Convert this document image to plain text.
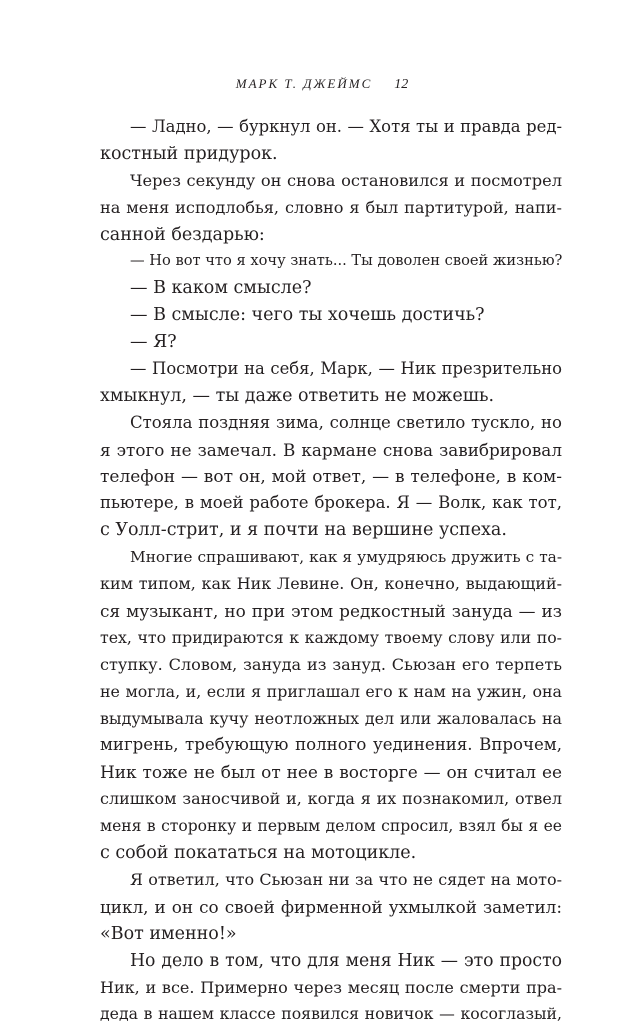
МАРК Т. ДЖЕЙМС 12
— Ладно, — буркнул он. — Хотя ты и правда ред-
костный придурок.
Через секунду он снова остановился и посмотрел
на меня исподлобья, словно я был партитурой, напи-
санной бездарью:
— Но вот что я хочу знать... Ты доволен своей жизнью?
— В каком смысле?
— В смысле: чего ты хочешь достичь?
— Я?
— Посмотри на себя, Марк, — Ник презрительно
хмыкнул, — ты даже ответить не можешь.
Стояла поздняя зима, солнце светило тускло, но
я этого не замечал. В кармане снова завибрировал
телефон — вот он, мой ответ, — в телефоне, в ком-
пьютере, в моей работе брокера. Я — Волк, как тот,
с Уолл-стрит, и я почти на вершине успеха.
Многие спрашивают, как я умудряюсь дружить с та-
ким типом, как Ник Левине. Он, конечно, выдающий-
ся музыкант, но при этом редкостный зануда — из
тех, что придираются к каждому твоему слову или по-
ступку. Словом, зануда из зануд. Сьюзан его терпеть
не могла, и, если я приглашал его к нам на ужин, она
выдумывала кучу неотложных дел или жаловалась на
мигрень, требующую полного уединения. Впрочем,
Ник тоже не был от нее в восторге — он считал ее
слишком заносчивой и, когда я их познакомил, отвел
меня в сторонку и первым делом спросил, взял бы я ее
с собой покататься на мотоцикле.
Я ответил, что Сьюзан ни за что не сядет на мото-
цикл, и он со своей фирменной ухмылкой заметил:
«Вот именно!»
Но дело в том, что для меня Ник — это просто
Ник, и все. Примерно через месяц после смерти пра-
деда в нашем классе появился новичок — косоглазый,
